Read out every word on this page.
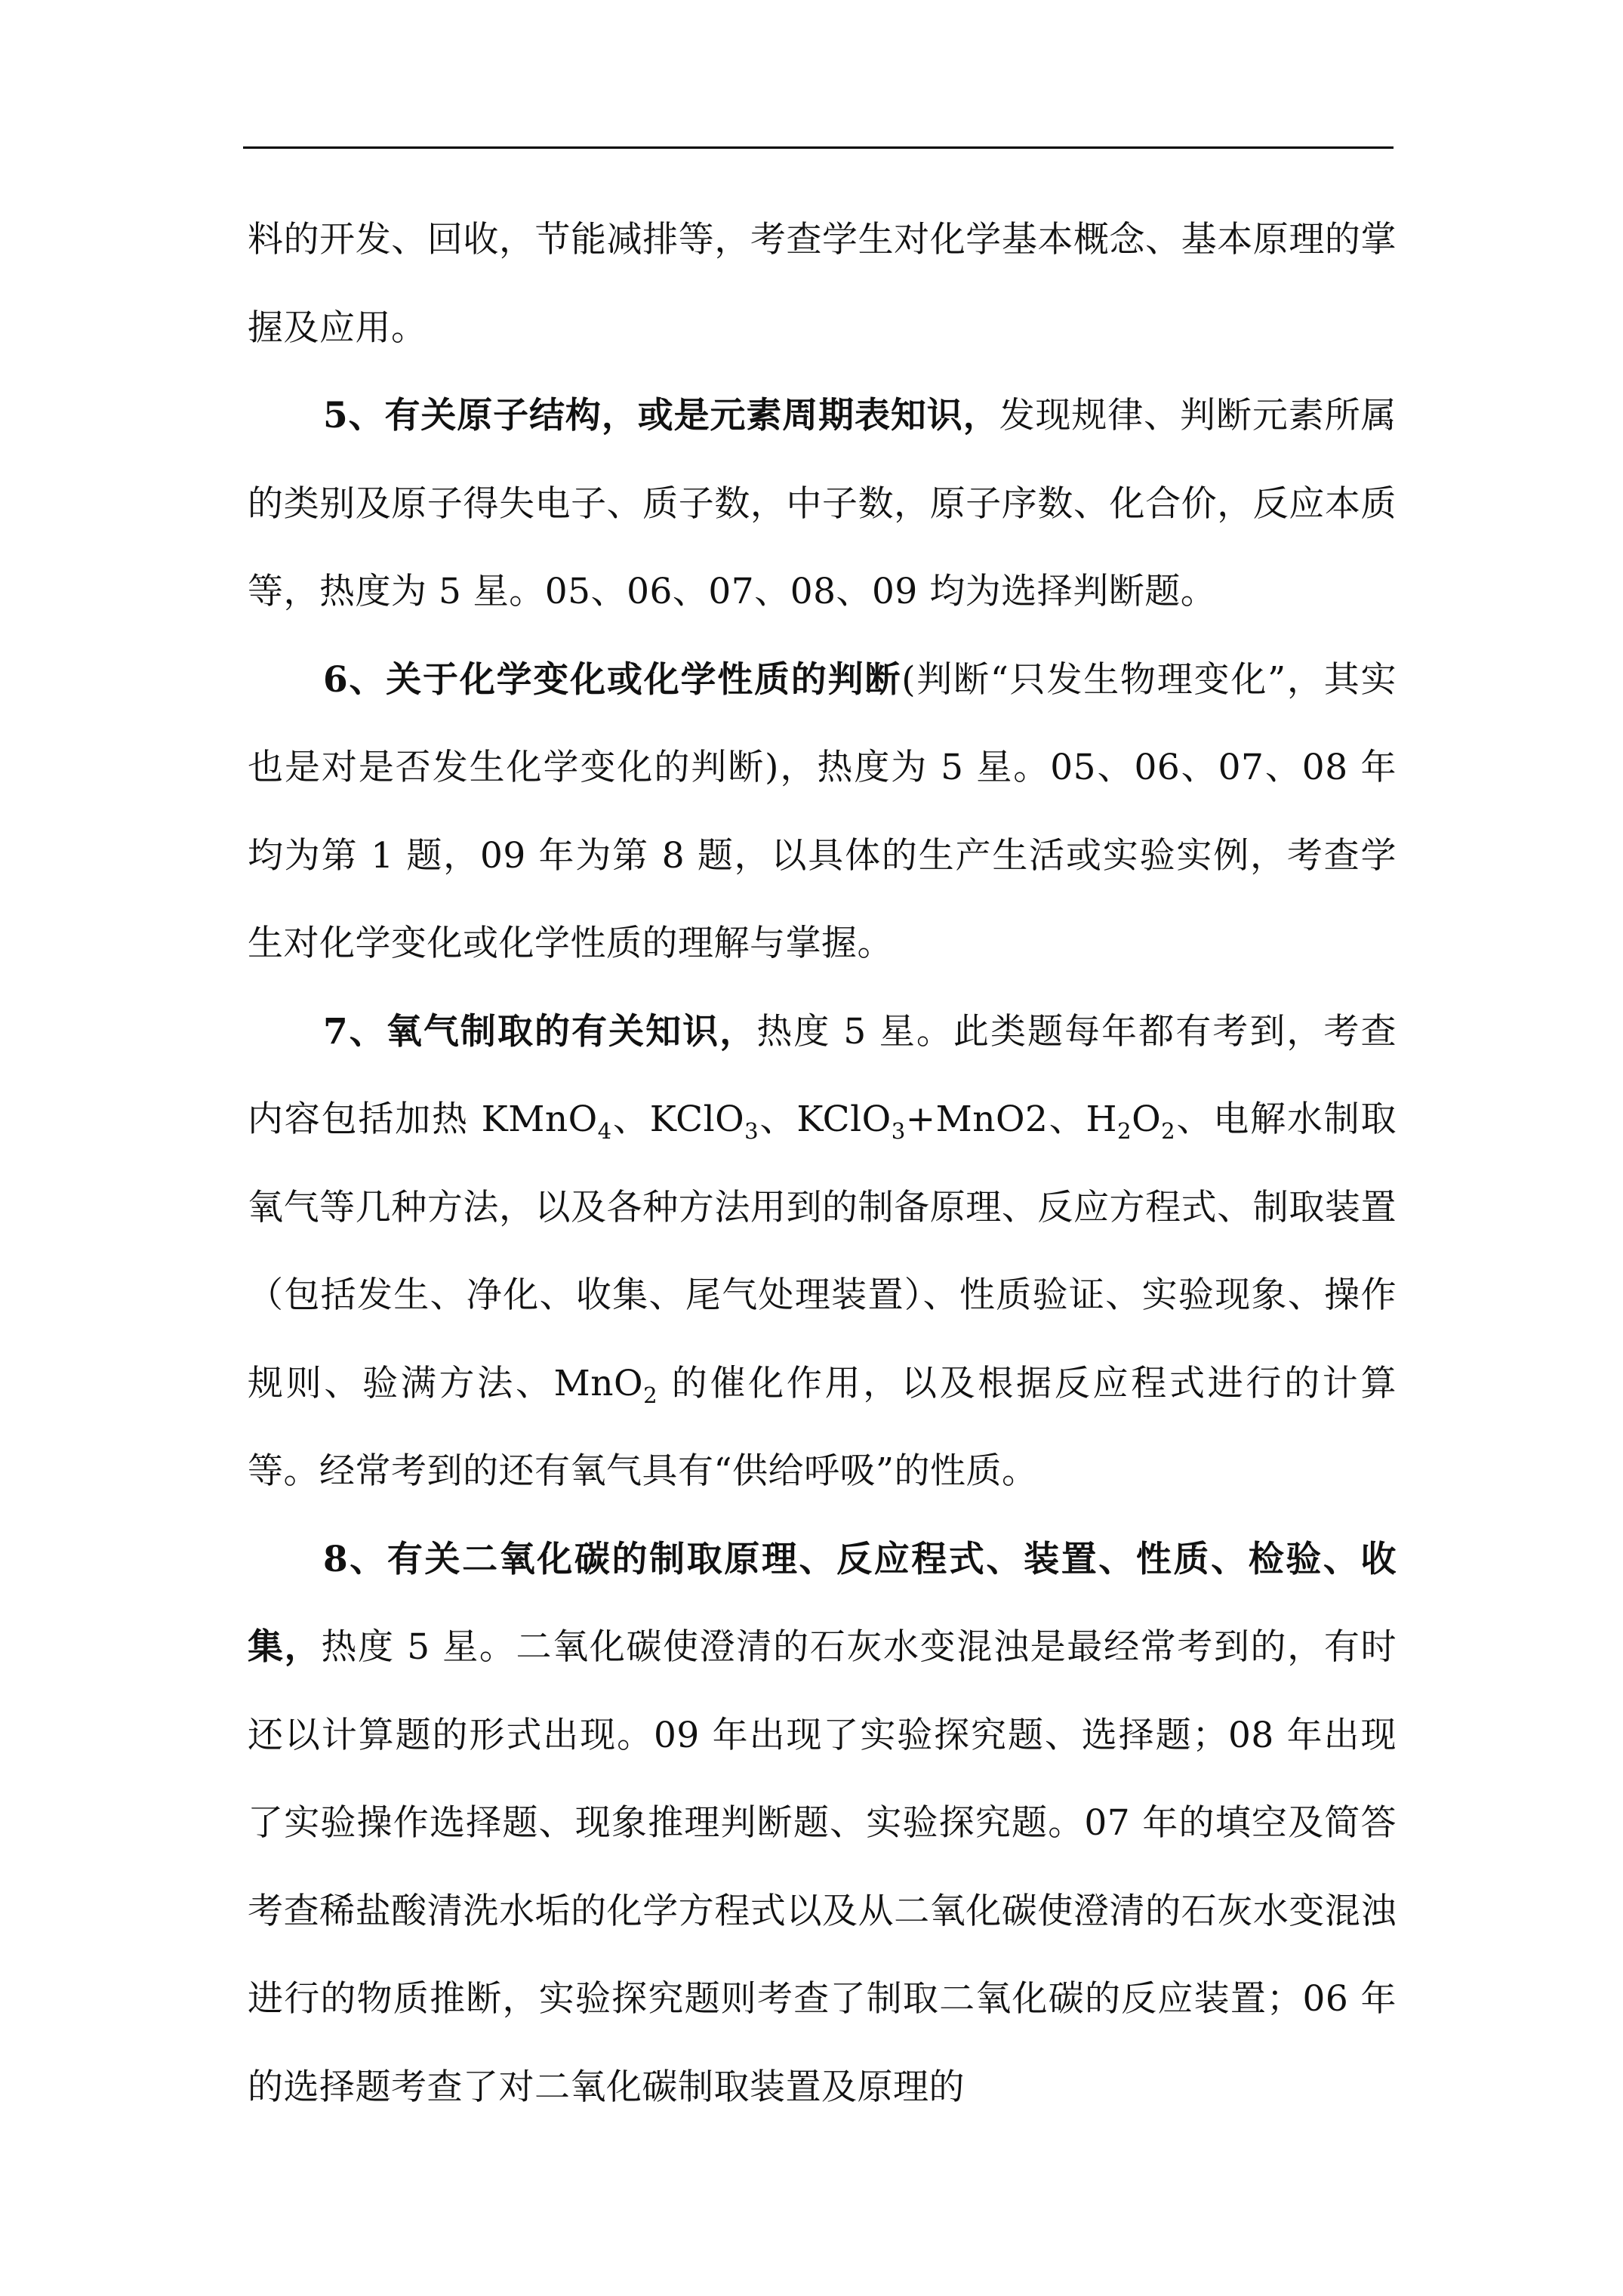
料的开发、回收，节能减排等，考查学生对化学基本概念、基本原理的掌握及应用。

5、有关原子结构，或是元素周期表知识，发现规律、判断元素所属的类别及原子得失电子、质子数，中子数，原子序数、化合价，反应本质等，热度为 5 星。05、06、07、08、09 均为选择判断题。

6、关于化学变化或化学性质的判断(判断“只发生物理变化”，其实也是对是否发生化学变化的判断)，热度为 5 星。05、06、07、08 年均为第 1 题，09 年为第 8 题，以具体的生产生活或实验实例，考查学生对化学变化或化学性质的理解与掌握。

7、氧气制取的有关知识，热度 5 星。此类题每年都有考到，考查内容包括加热 KMnO$_4$、KClO$_3$、KClO$_3$+MnO2、$H_2O_2$、电解水制取氧气等几种方法，以及各种方法用到的制备原理、反应方程式、制取装置（包括发生、净化、收集、尾气处理装置）、性质验证、实验现象、操作规则、验满方法、MnO$_2$ 的催化作用，以及根据反应程式进行的计算等。经常考到的还有氧气具有“供给呼吸”的性质。

8、有关二氧化碳的制取原理、反应程式、装置、性质、检验、收集，热度 5 星。二氧化碳使澄清的石灰水变混浊是最经常考到的，有时还以计算题的形式出现。09 年出现了实验探究题、选择题；08 年出现了实验操作选择题、现象推理判断题、实验探究题。07 年的填空及简答考查稀盐酸清洗水垢的化学方程式以及从二氧化碳使澄清的石灰水变混浊进行的物质推断，实验探究题则考查了制取二氧化碳的反应装置；06 年的选择题考查了对二氧化碳制取装置及原理的
